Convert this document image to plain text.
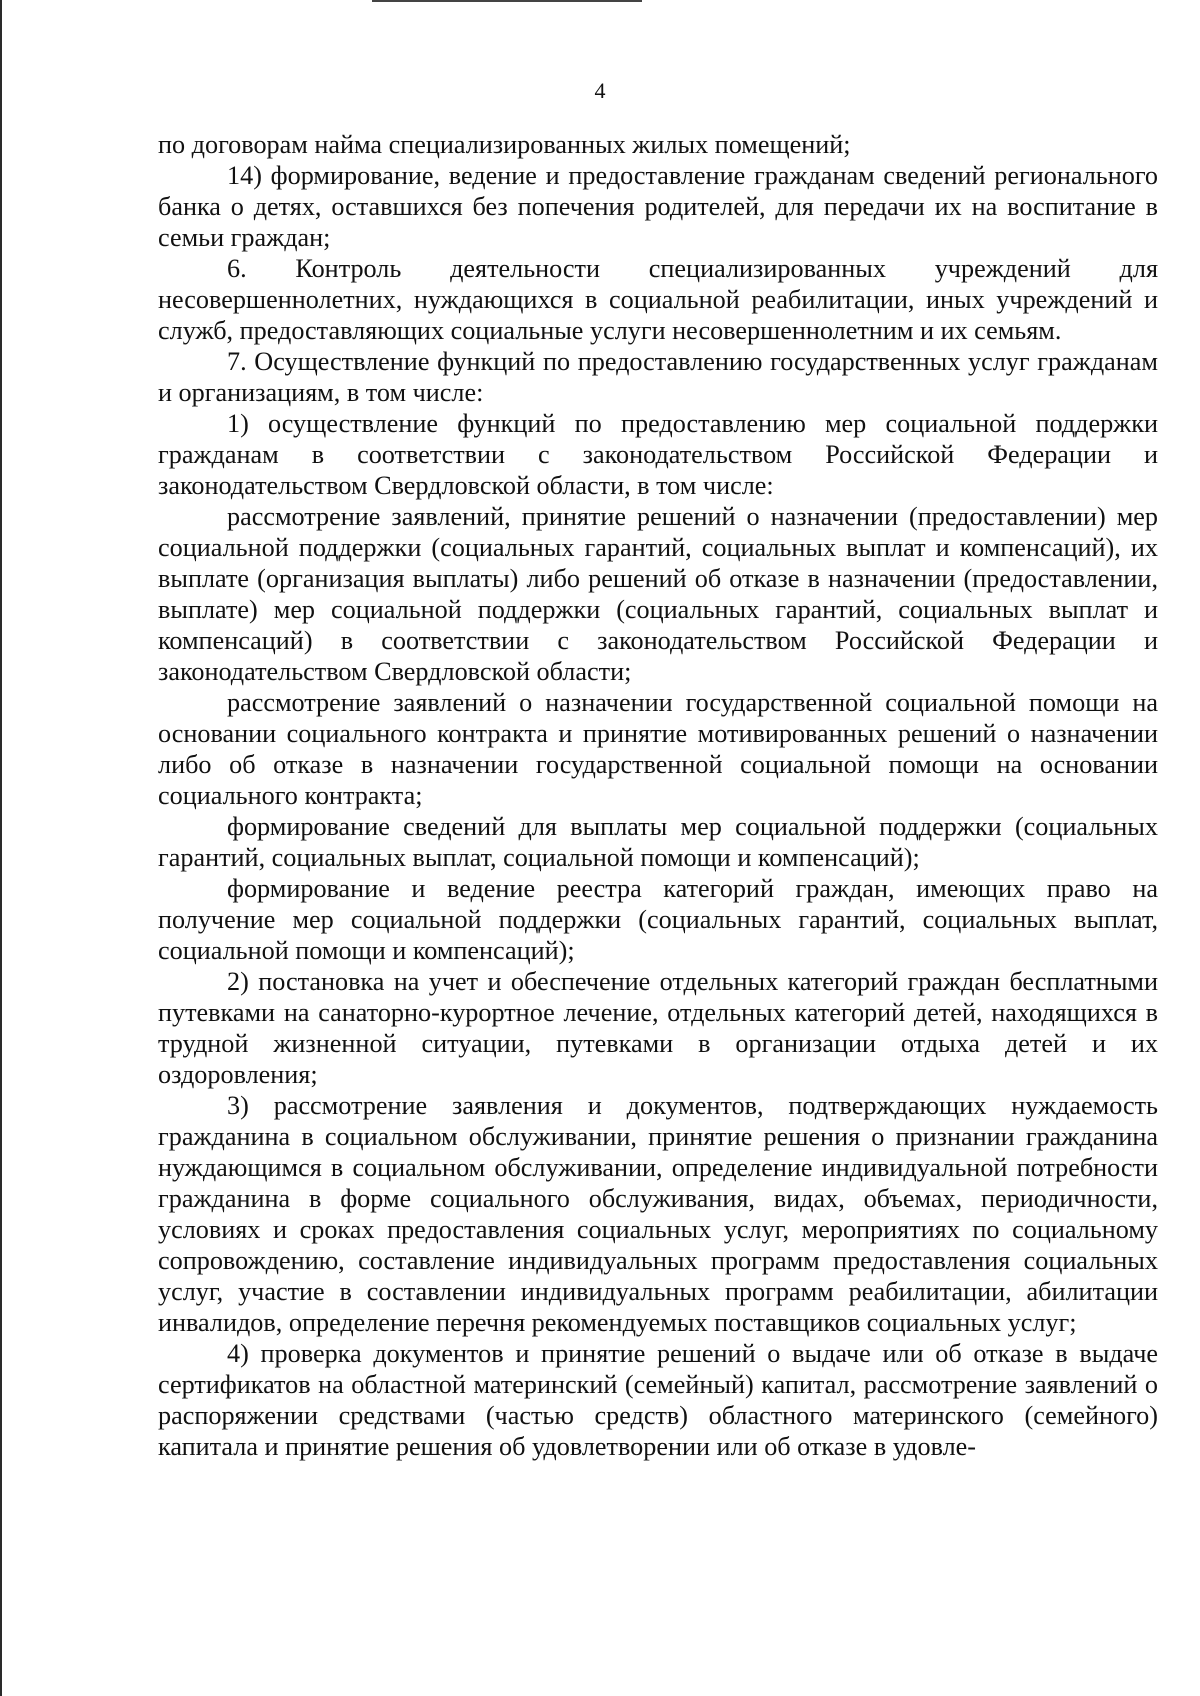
4

по договорам найма специализированных жилых помещений;

14) формирование, ведение и предоставление гражданам сведений регионального банка о детях, оставшихся без попечения родителей, для передачи их на воспитание в семьи граждан;

6. Контроль деятельности специализированных учреждений для несовершеннолетних, нуждающихся в социальной реабилитации, иных учреждений и служб, предоставляющих социальные услуги несовершеннолетним и их семьям.

7. Осуществление функций по предоставлению государственных услуг гражданам и организациям, в том числе:

1) осуществление функций по предоставлению мер социальной поддержки гражданам в соответствии с законодательством Российской Федерации и законодательством Свердловской области, в том числе:

рассмотрение заявлений, принятие решений о назначении (предоставлении) мер социальной поддержки (социальных гарантий, социальных выплат и компенсаций), их выплате (организация выплаты) либо решений об отказе в назначении (предоставлении, выплате) мер социальной поддержки (социальных гарантий, социальных выплат и компенсаций) в соответствии с законодательством Российской Федерации и законодательством Свердловской области;

рассмотрение заявлений о назначении государственной социальной помощи на основании социального контракта и принятие мотивированных решений о назначении либо об отказе в назначении государственной социальной помощи на основании социального контракта;

формирование сведений для выплаты мер социальной поддержки (социальных гарантий, социальных выплат, социальной помощи и компенсаций);

формирование и ведение реестра категорий граждан, имеющих право на получение мер социальной поддержки (социальных гарантий, социальных выплат, социальной помощи и компенсаций);

2) постановка на учет и обеспечение отдельных категорий граждан бесплатными путевками на санаторно-курортное лечение, отдельных категорий детей, находящихся в трудной жизненной ситуации, путевками в организации отдыха детей и их оздоровления;

3) рассмотрение заявления и документов, подтверждающих нуждаемость гражданина в социальном обслуживании, принятие решения о признании гражданина нуждающимся в социальном обслуживании, определение индивидуальной потребности гражданина в форме социального обслуживания, видах, объемах, периодичности, условиях и сроках предоставления социальных услуг, мероприятиях по социальному сопровождению, составление индивидуальных программ предоставления социальных услуг, участие в составлении индивидуальных программ реабилитации, абилитации инвалидов, определение перечня рекомендуемых поставщиков социальных услуг;

4) проверка документов и принятие решений о выдаче или об отказе в выдаче сертификатов на областной материнский (семейный) капитал, рассмотрение заявлений о распоряжении средствами (частью средств) областного материнского (семейного) капитала и принятие решения об удовлетворении или об отказе в удовле-
